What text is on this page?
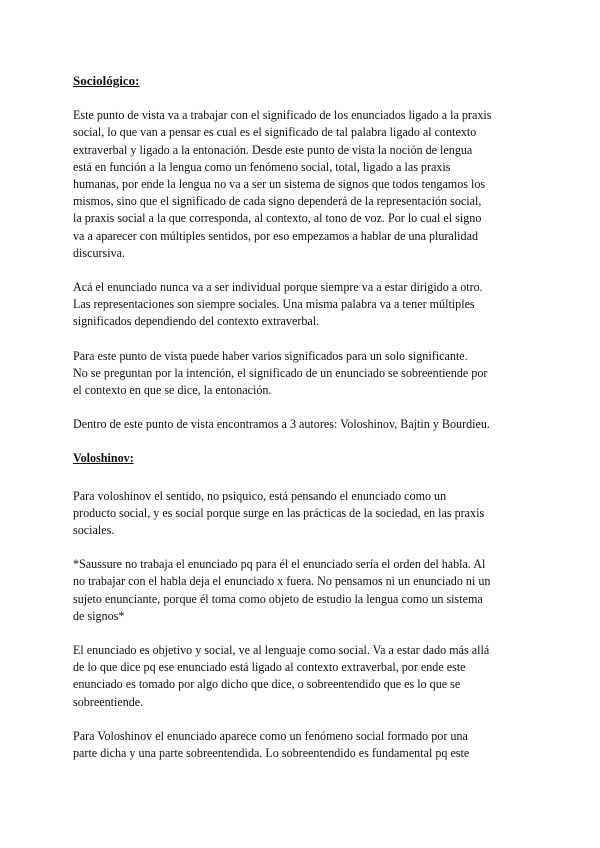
Sociológico:
Este punto de vista va a trabajar con el significado de los enunciados ligado a la praxis
social, lo que van a pensar es cual es el significado de tal palabra ligado al contexto
extraverbal y ligado a la entonación. Desde este punto de vista la noción de lengua
está en función a la lengua como un fenómeno social, total, ligado a las praxis
humanas, por ende la lengua no va a ser un sistema de signos que todos tengamos los
mismos, sino que el significado de cada signo dependerá de la representación social,
la praxis social a la que corresponda, al contexto, al tono de voz. Por lo cual el signo
va a aparecer con múltiples sentidos, por eso empezamos a hablar de una pluralidad
discursiva.
Acá el enunciado nunca va a ser individual porque siempre va a estar dirigido a otro.
Las representaciones son siempre sociales. Una misma palabra va a tener múltiples
significados dependiendo del contexto extraverbal.
Para este punto de vista puede haber varios significados para un solo significante.
No se preguntan por la intención, el significado de un enunciado se sobreentiende por
el contexto en que se dice, la entonación.
Dentro de este punto de vista encontramos a 3 autores: Voloshinov, Bajtin y Bourdieu.
Voloshinov:
Para voloshinov el sentido, no psiquico, está pensando el enunciado como un
producto social, y es social porque surge en las prácticas de la sociedad, en las praxis
sociales.
*Saussure no trabaja el enunciado pq para él el enunciado sería el orden del habla. Al
no trabajar con el habla deja el enunciado x fuera. No pensamos ni un enunciado ni un
sujeto enunciante, porque él toma como objeto de estudio la lengua como un sistema
de signos*
El enunciado es objetivo y social, ve al lenguaje como social. Va a estar dado más allá
de lo que dice pq ese enunciado está ligado al contexto extraverbal, por ende este
enunciado es tomado por algo dicho que dice, o sobreentendido que es lo que se
sobreentiende.
Para Voloshinov el enunciado aparece como un fenómeno social formado por una
parte dicha y una parte sobreentendida. Lo sobreentendido es fundamental pq este
